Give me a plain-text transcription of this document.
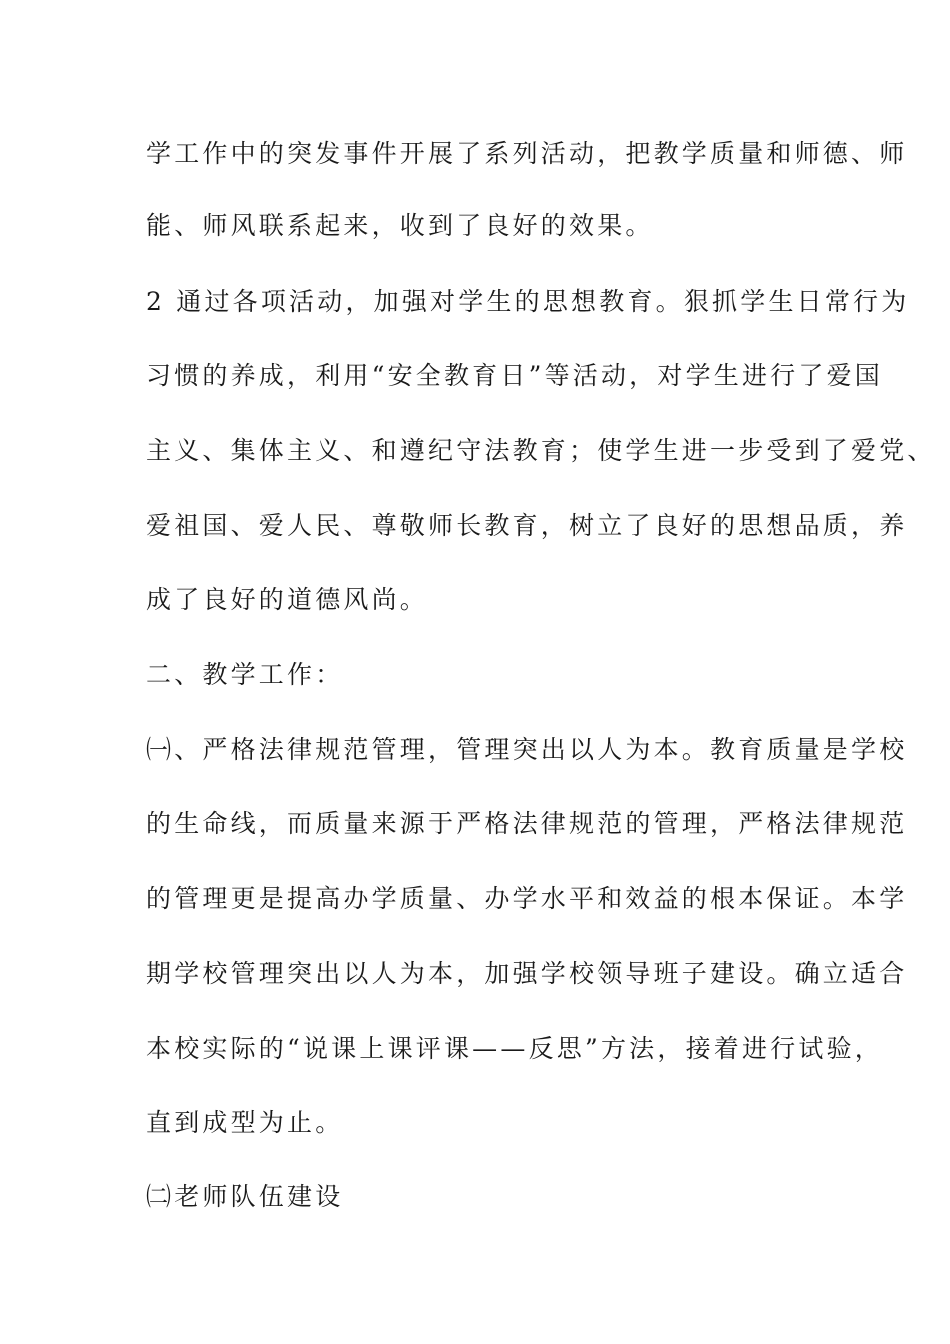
学工作中的突发事件开展了系列活动，把教学质量和师德、师
能、师风联系起来，收到了良好的效果。
2 通过各项活动，加强对学生的思想教育。狠抓学生日常行为
习惯的养成，利用“安全教育日”等活动，对学生进行了爱国
主义、集体主义、和遵纪守法教育；使学生进一步受到了爱党、
爱祖国、爱人民、尊敬师长教育，树立了良好的思想品质，养
成了良好的道德风尚。
二、教学工作：
㈠、严格法律规范管理，管理突出以人为本。教育质量是学校
的生命线，而质量来源于严格法律规范的管理，严格法律规范
的管理更是提高办学质量、办学水平和效益的根本保证。本学
期学校管理突出以人为本，加强学校领导班子建设。确立适合
本校实际的“说课上课评课——反思”方法，接着进行试验，
直到成型为止。
㈡老师队伍建设
